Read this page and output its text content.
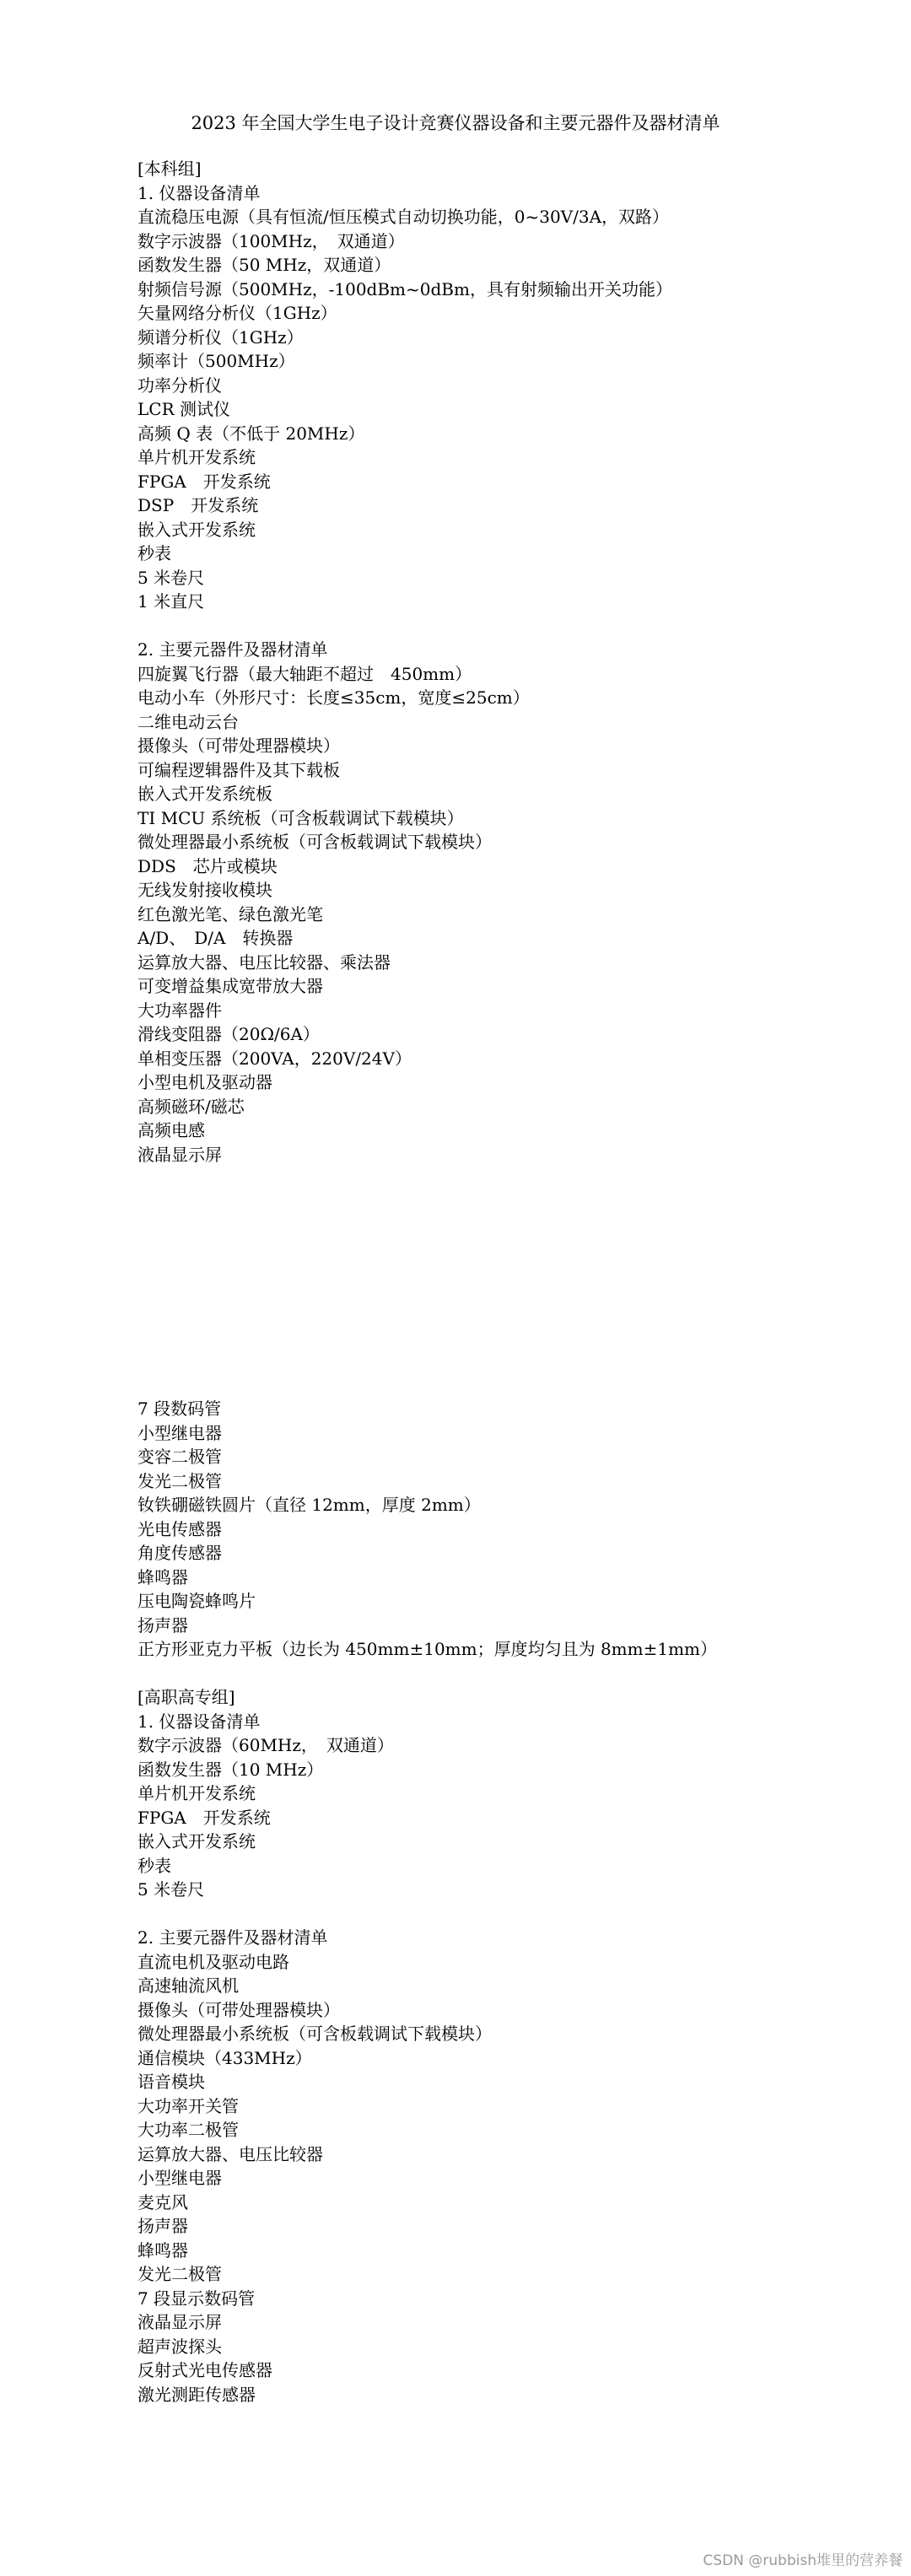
2023 年全国大学生电子设计竞赛仪器设备和主要元器件及器材清单
[本科组]
1. 仪器设备清单
直流稳压电源（具有恒流/恒压模式自动切换功能，0~30V/3A，双路）
数字示波器（100MHz，　双通道）
函数发生器（50 MHz，双通道）
射频信号源（500MHz，-100dBm~0dBm，具有射频输出开关功能）
矢量网络分析仪（1GHz）
频谱分析仪（1GHz）
频率计（500MHz）
功率分析仪
LCR 测试仪
高频 Q 表（不低于 20MHz）
单片机开发系统
FPGA　开发系统
DSP　开发系统
嵌入式开发系统
秒表
5 米卷尺
1 米直尺
2. 主要元器件及器材清单
四旋翼飞行器（最大轴距不超过　450mm）
电动小车（外形尺寸：长度≤35cm，宽度≤25cm）
二维电动云台
摄像头（可带处理器模块）
可编程逻辑器件及其下载板
嵌入式开发系统板
TI MCU 系统板（可含板载调试下载模块）
微处理器最小系统板（可含板载调试下载模块）
DDS　芯片或模块
无线发射接收模块
红色激光笔、绿色激光笔
A/D、　D/A　转换器
运算放大器、电压比较器、乘法器
可变增益集成宽带放大器
大功率器件
滑线变阻器（20Ω/6A）
单相变压器（200VA，220V/24V）
小型电机及驱动器
高频磁环/磁芯
高频电感
液晶显示屏
7 段数码管
小型继电器
变容二极管
发光二极管
钕铁硼磁铁圆片（直径 12mm，厚度 2mm）
光电传感器
角度传感器
蜂鸣器
压电陶瓷蜂鸣片
扬声器
正方形亚克力平板（边长为 450mm±10mm；厚度均匀且为 8mm±1mm）
[高职高专组]
1. 仪器设备清单
数字示波器（60MHz，　双通道）
函数发生器（10 MHz）
单片机开发系统
FPGA　开发系统
嵌入式开发系统
秒表
5 米卷尺
2. 主要元器件及器材清单
直流电机及驱动电路
高速轴流风机
摄像头（可带处理器模块）
微处理器最小系统板（可含板载调试下载模块）
通信模块（433MHz）
语音模块
大功率开关管
大功率二极管
运算放大器、电压比较器
小型继电器
麦克风
扬声器
蜂鸣器
发光二极管
7 段显示数码管
液晶显示屏
超声波探头
反射式光电传感器
激光测距传感器
CSDN @rubbish堆里的营养餐
